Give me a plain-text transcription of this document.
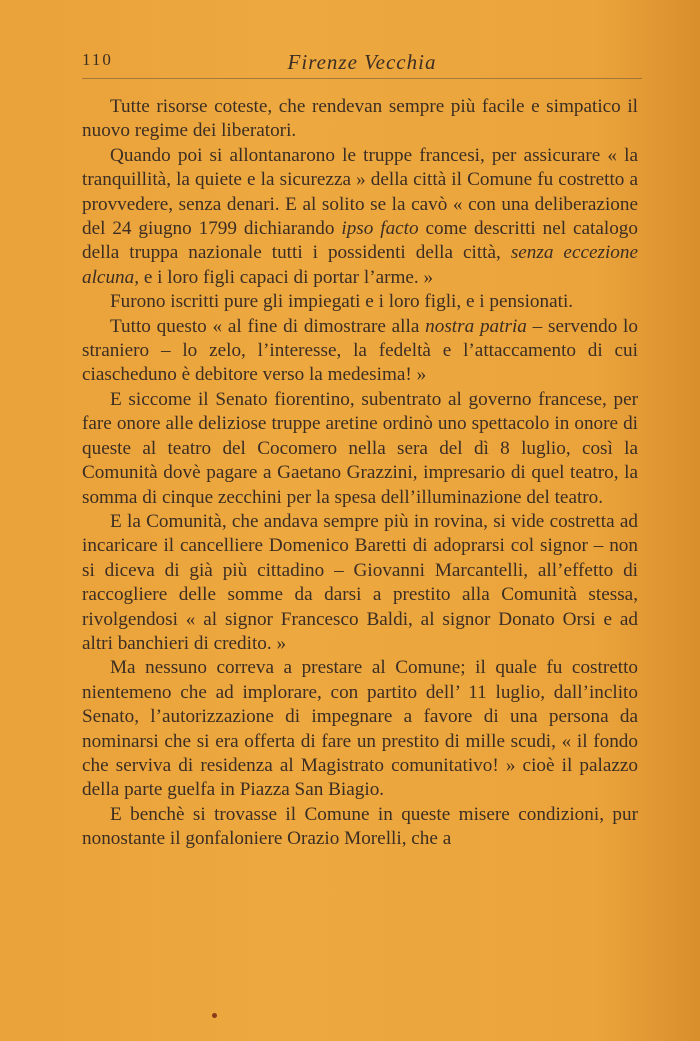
110	Firenze Vecchia

Tutte risorse coteste, che rendevan sempre più facile e simpatico il nuovo regime dei liberatori.

Quando poi si allontanarono le truppe francesi, per assicurare « la tranquillità, la quiete e la sicurezza » della città il Comune fu costretto a provvedere, senza denari. E al solito se la cavò « con una deliberazione del 24 giugno 1799 dichiarando ipso facto come descritti nel catalogo della truppa nazionale tutti i possidenti della città, senza eccezione alcuna, e i loro figli capaci di portar l’arme. »

Furono iscritti pure gli impiegati e i loro figli, e i pensionati.

Tutto questo « al fine di dimostrare alla nostra patria – servendo lo straniero – lo zelo, l’interesse, la fedeltà e l’attaccamento di cui ciascheduno è debitore verso la medesima! »

E siccome il Senato fiorentino, subentrato al governo francese, per fare onore alle deliziose truppe aretine ordinò uno spettacolo in onore di queste al teatro del Cocomero nella sera del dì 8 luglio, così la Comunità dovè pagare a Gaetano Grazzini, impresario di quel teatro, la somma di cinque zecchini per la spesa dell’illuminazione del teatro.

E la Comunità, che andava sempre più in rovina, si vide costretta ad incaricare il cancelliere Domenico Baretti di adoprarsi col signor – non si diceva di già più cittadino – Giovanni Marcantelli, all’effetto di raccogliere delle somme da darsi a prestito alla Comunità stessa, rivolgendosi « al signor Francesco Baldi, al signor Donato Orsi e ad altri banchieri di credito. »

Ma nessuno correva a prestare al Comune; il quale fu costretto nientemeno che ad implorare, con partito dell’ 11 luglio, dall’inclito Senato, l’autorizzazione di impegnare a favore di una persona da nominarsi che si era offerta di fare un prestito di mille scudi, « il fondo che serviva di residenza al Magistrato comunitativo! » cioè il palazzo della parte guelfa in Piazza San Biagio.

E benchè si trovasse il Comune in queste misere condizioni, pur nonostante il gonfaloniere Orazio Morelli, che a
